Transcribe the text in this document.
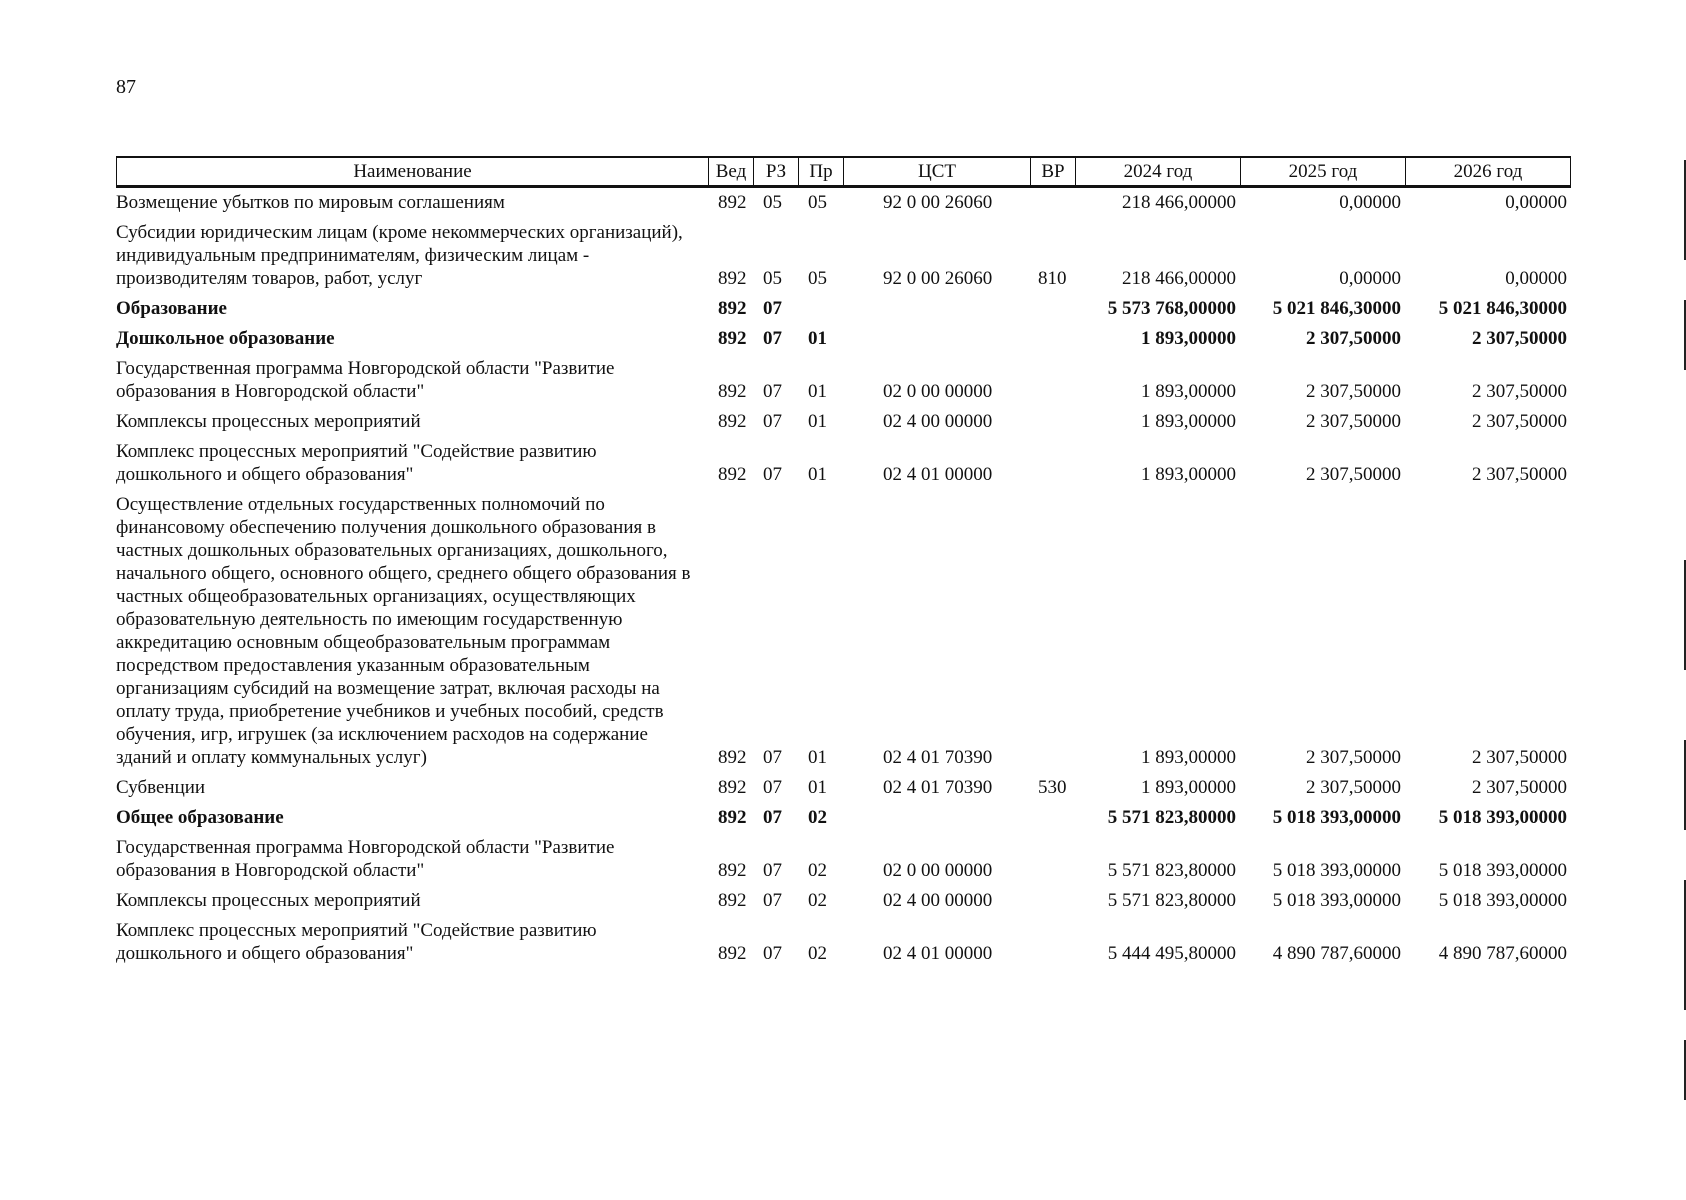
87
Наименование	Вед	РЗ	Пр	ЦСТ	ВР	2024 год	2025 год	2026 год
Возмещение убытков по мировым соглашениям	892	05	05	92 0 00 26060		218 466,00000	0,00000	0,00000
Субсидии юридическим лицам (кроме некоммерческих организаций), индивидуальным предпринимателям, физическим лицам - производителям товаров, работ, услуг	892	05	05	92 0 00 26060	810	218 466,00000	0,00000	0,00000
Образование	892	07				5 573 768,00000	5 021 846,30000	5 021 846,30000
Дошкольное образование	892	07	01			1 893,00000	2 307,50000	2 307,50000
Государственная программа Новгородской области "Развитие образования в Новгородской области"	892	07	01	02 0 00 00000		1 893,00000	2 307,50000	2 307,50000
Комплексы процессных мероприятий	892	07	01	02 4 00 00000		1 893,00000	2 307,50000	2 307,50000
Комплекс процессных мероприятий "Содействие развитию дошкольного и общего образования"	892	07	01	02 4 01 00000		1 893,00000	2 307,50000	2 307,50000
Осуществление отдельных государственных полномочий по финансовому обеспечению получения дошкольного образования в частных дошкольных образовательных организациях, дошкольного, начального общего, основного общего, среднего общего образования в частных общеобразовательных организациях, осуществляющих образовательную деятельность по имеющим государственную аккредитацию основным общеобразовательным программам посредством предоставления указанным образовательным организациям субсидий на возмещение затрат, включая расходы на оплату труда, приобретение учебников и учебных пособий, средств обучения, игр, игрушек (за исключением расходов на содержание зданий и оплату коммунальных услуг)	892	07	01	02 4 01 70390		1 893,00000	2 307,50000	2 307,50000
Субвенции	892	07	01	02 4 01 70390	530	1 893,00000	2 307,50000	2 307,50000
Общее образование	892	07	02			5 571 823,80000	5 018 393,00000	5 018 393,00000
Государственная программа Новгородской области "Развитие образования в Новгородской области"	892	07	02	02 0 00 00000		5 571 823,80000	5 018 393,00000	5 018 393,00000
Комплексы процессных мероприятий	892	07	02	02 4 00 00000		5 571 823,80000	5 018 393,00000	5 018 393,00000
Комплекс процессных мероприятий "Содействие развитию дошкольного и общего образования"	892	07	02	02 4 01 00000		5 444 495,80000	4 890 787,60000	4 890 787,60000
